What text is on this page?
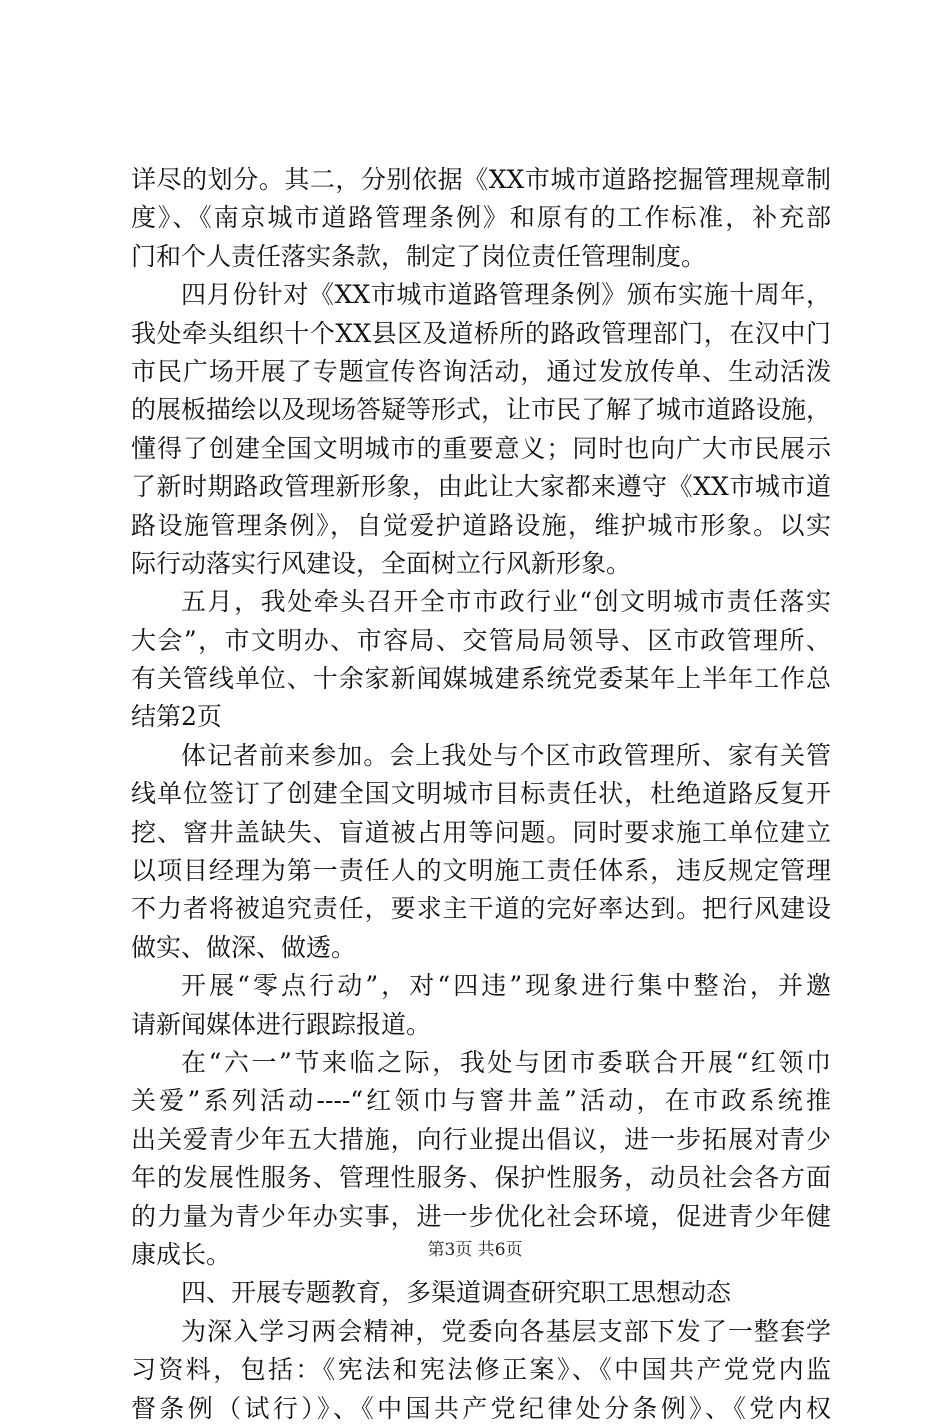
详尽的划分。其二，分别依据《XX市城市道路挖掘管理规章制
度》、《南京城市道路管理条例》和原有的工作标准，补充部
门和个人责任落实条款，制定了岗位责任管理制度。
四月份针对《XX市城市道路管理条例》颁布实施十周年，
我处牵头组织十个XX县区及道桥所的路政管理部门，在汉中门
市民广场开展了专题宣传咨询活动，通过发放传单、生动活泼
的展板描绘以及现场答疑等形式，让市民了解了城市道路设施，
懂得了创建全国文明城市的重要意义；同时也向广大市民展示
了新时期路政管理新形象，由此让大家都来遵守《XX市城市道
路设施管理条例》，自觉爱护道路设施，维护城市形象。以实
际行动落实行风建设，全面树立行风新形象。
五月，我处牵头召开全市市政行业“创文明城市责任落实
大会”，市文明办、市容局、交管局局领导、区市政管理所、
有关管线单位、十余家新闻媒城建系统党委某年上半年工作总
结第2页
体记者前来参加。会上我处与个区市政管理所、家有关管
线单位签订了创建全国文明城市目标责任状，杜绝道路反复开
挖、窨井盖缺失、盲道被占用等问题。同时要求施工单位建立
以项目经理为第一责任人的文明施工责任体系，违反规定管理
不力者将被追究责任，要求主干道的完好率达到。把行风建设
做实、做深、做透。
开展“零点行动”，对“四违”现象进行集中整治，并邀
请新闻媒体进行跟踪报道。
在“六一”节来临之际，我处与团市委联合开展“红领巾
关爱”系列活动----“红领巾与窨井盖”活动，在市政系统推
出关爱青少年五大措施，向行业提出倡议，进一步拓展对青少
年的发展性服务、管理性服务、保护性服务，动员社会各方面
的力量为青少年办实事，进一步优化社会环境，促进青少年健
康成长。
四、开展专题教育，多渠道调查研究职工思想动态
为深入学习两会精神，党委向各基层支部下发了一整套学
习资料，包括：《宪法和宪法修正案》、《中国共产党党内监
督条例（试行）》、《中国共产党纪律处分条例》、《党内权
第3页 共6页
